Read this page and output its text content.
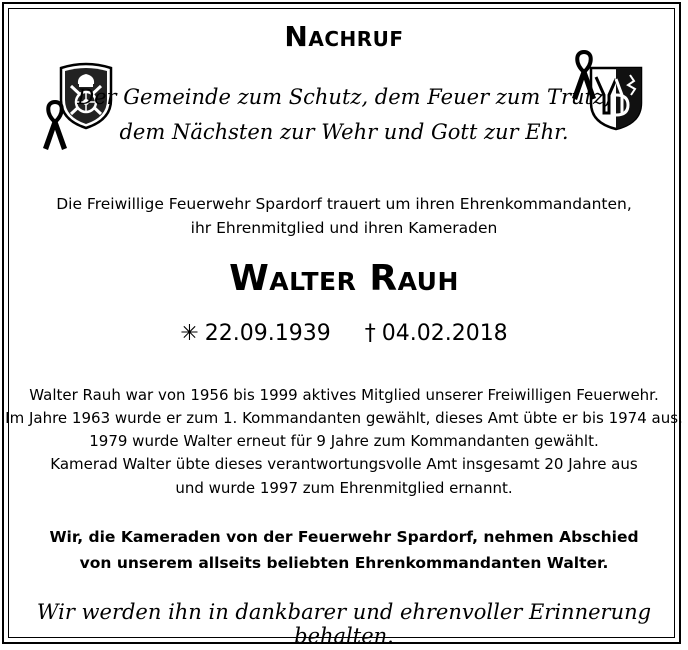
Nachruf
Der Gemeinde zum Schutz, dem Feuer zum Trutz,
dem Nächsten zur Wehr und Gott zur Ehr.
Die Freiwillige Feuerwehr Spardorf trauert um ihren Ehrenkommandanten,
ihr Ehrenmitglied und ihren Kameraden
Walter Rauh
✳ 22.09.1939 † 04.02.2018
Walter Rauh war von 1956 bis 1999 aktives Mitglied unserer Freiwilligen Feuerwehr.
Im Jahre 1963 wurde er zum 1. Kommandanten gewählt, dieses Amt übte er bis 1974 aus.
1979 wurde Walter erneut für 9 Jahre zum Kommandanten gewählt.
Kamerad Walter übte dieses verantwortungsvolle Amt insgesamt 20 Jahre aus
und wurde 1997 zum Ehrenmitglied ernannt.
Wir, die Kameraden von der Feuerwehr Spardorf, nehmen Abschied
von unserem allseits beliebten Ehrenkommandanten Walter.
Wir werden ihn in dankbarer und ehrenvoller Erinnerung behalten.
